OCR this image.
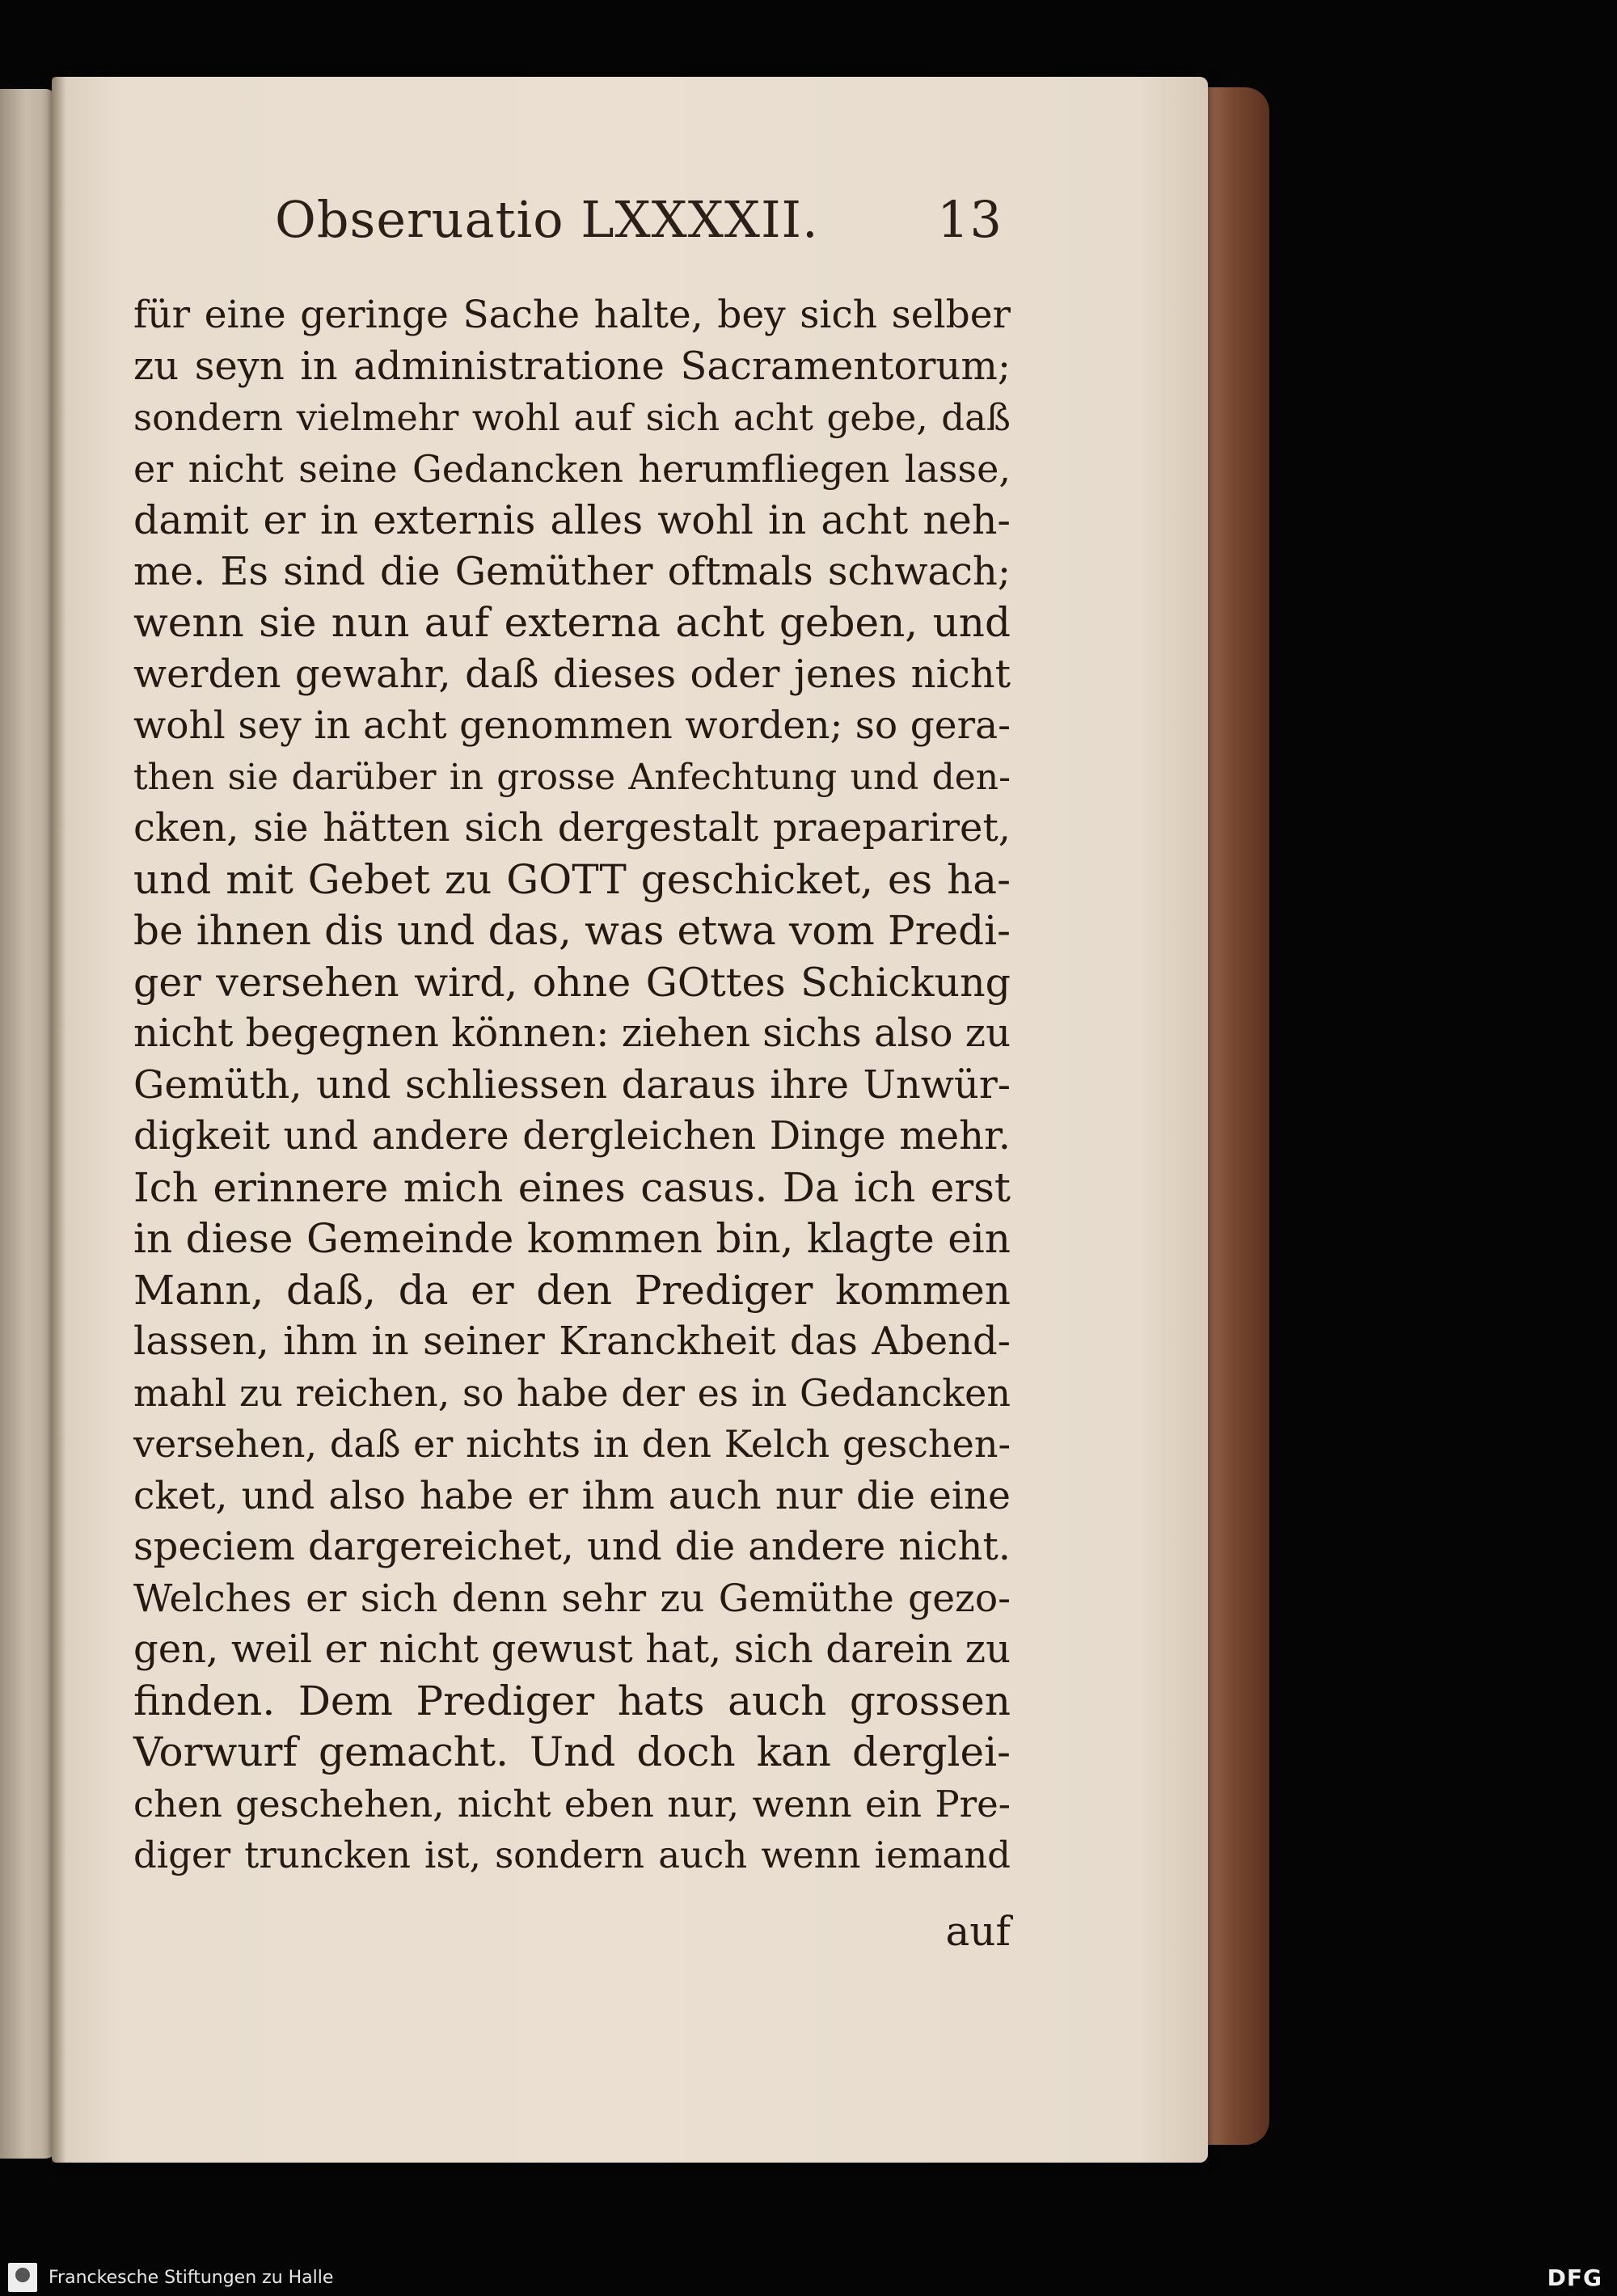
Obseruatio LXXXXII. 13
für eine geringe Sache halte, bey sich selber
zu seyn in administratione Sacramentorum;
sondern vielmehr wohl auf sich acht gebe, daß
er nicht seine Gedancken herumfliegen lasse,
damit er in externis alles wohl in acht neh-
me. Es sind die Gemüther oftmals schwach;
wenn sie nun auf externa acht geben, und
werden gewahr, daß dieses oder jenes nicht
wohl sey in acht genommen worden; so gera-
then sie darüber in grosse Anfechtung und den-
cken, sie hätten sich dergestalt praepariret,
und mit Gebet zu GOTT geschicket, es ha-
be ihnen dis und das, was etwa vom Predi-
ger versehen wird, ohne GOttes Schickung
nicht begegnen können: ziehen sichs also zu
Gemüth, und schliessen daraus ihre Unwür-
digkeit und andere dergleichen Dinge mehr.
Ich erinnere mich eines casus. Da ich erst
in diese Gemeinde kommen bin, klagte ein
Mann, daß, da er den Prediger kommen
lassen, ihm in seiner Kranckheit das Abend-
mahl zu reichen, so habe der es in Gedancken
versehen, daß er nichts in den Kelch geschen-
cket, und also habe er ihm auch nur die eine
speciem dargereichet, und die andere nicht.
Welches er sich denn sehr zu Gemüthe gezo-
gen, weil er nicht gewust hat, sich darein zu
finden. Dem Prediger hats auch grossen
Vorwurf gemacht. Und doch kan derglei-
chen geschehen, nicht eben nur, wenn ein Pre-
diger truncken ist, sondern auch wenn iemand
auf
Franckesche Stiftungen zu Halle	DFG
